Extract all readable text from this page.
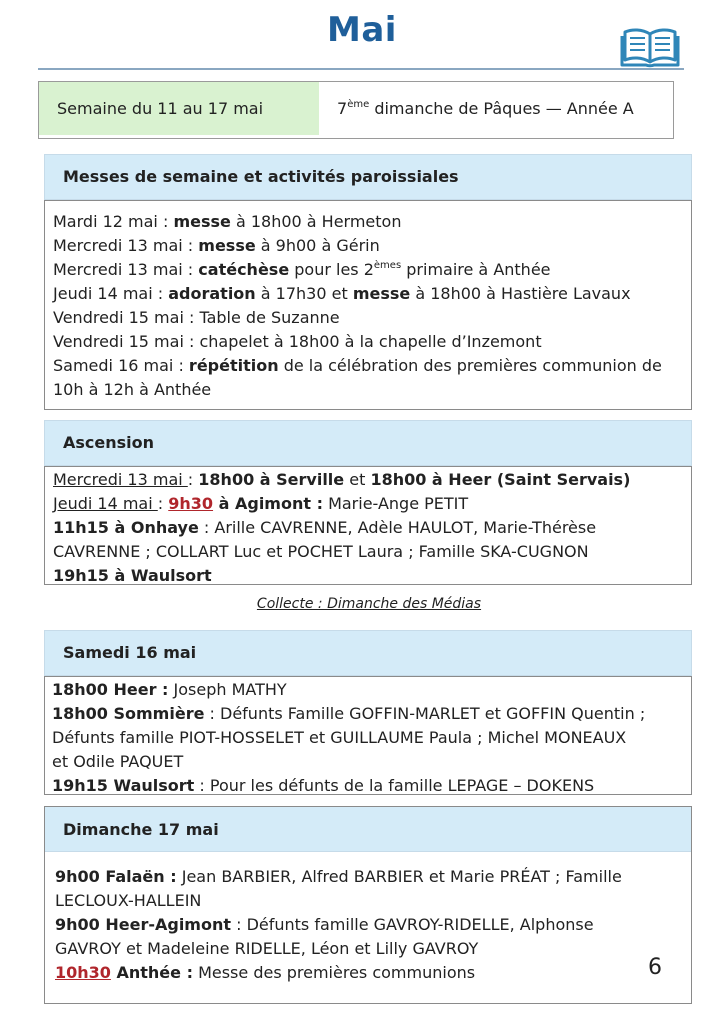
Mai
Semaine du 11 au 17 mai	7ème dimanche de Pâques — Année A
Messes de semaine et activités paroissiales
Mardi 12 mai : messe à 18h00 à Hermeton
Mercredi 13 mai : messe à 9h00 à Gérin
Mercredi 13 mai : catéchèse pour les 2èmes primaire à Anthée
Jeudi 14 mai : adoration à 17h30 et messe à 18h00 à Hastière Lavaux
Vendredi 15 mai : Table de Suzanne
Vendredi 15 mai : chapelet à 18h00 à la chapelle d’Inzemont
Samedi 16 mai : répétition de la célébration des premières communion de
10h à 12h à Anthée
Ascension
Mercredi 13 mai : 18h00 à Serville et 18h00 à Heer (Saint Servais)
Jeudi 14 mai : 9h30 à Agimont : Marie-Ange PETIT
11h15 à Onhaye : Arille CAVRENNE, Adèle HAULOT, Marie-Thérèse
CAVRENNE ; COLLART Luc et POCHET Laura ; Famille SKA-CUGNON
19h15 à Waulsort
Collecte : Dimanche des Médias
Samedi 16 mai
18h00 Heer : Joseph MATHY
18h00 Sommière : Défunts Famille GOFFIN-MARLET et GOFFIN Quentin ;
Défunts famille PIOT-HOSSELET et GUILLAUME Paula ; Michel MONEAUX
et Odile PAQUET
19h15 Waulsort : Pour les défunts de la famille LEPAGE – DOKENS
Dimanche 17 mai
9h00 Falaën : Jean BARBIER, Alfred BARBIER et Marie PRÉAT ; Famille
LECLOUX-HALLEIN
9h00 Heer-Agimont : Défunts famille GAVROY-RIDELLE, Alphonse
GAVROY et Madeleine RIDELLE, Léon et Lilly GAVROY
10h30 Anthée : Messe des premières communions	6
